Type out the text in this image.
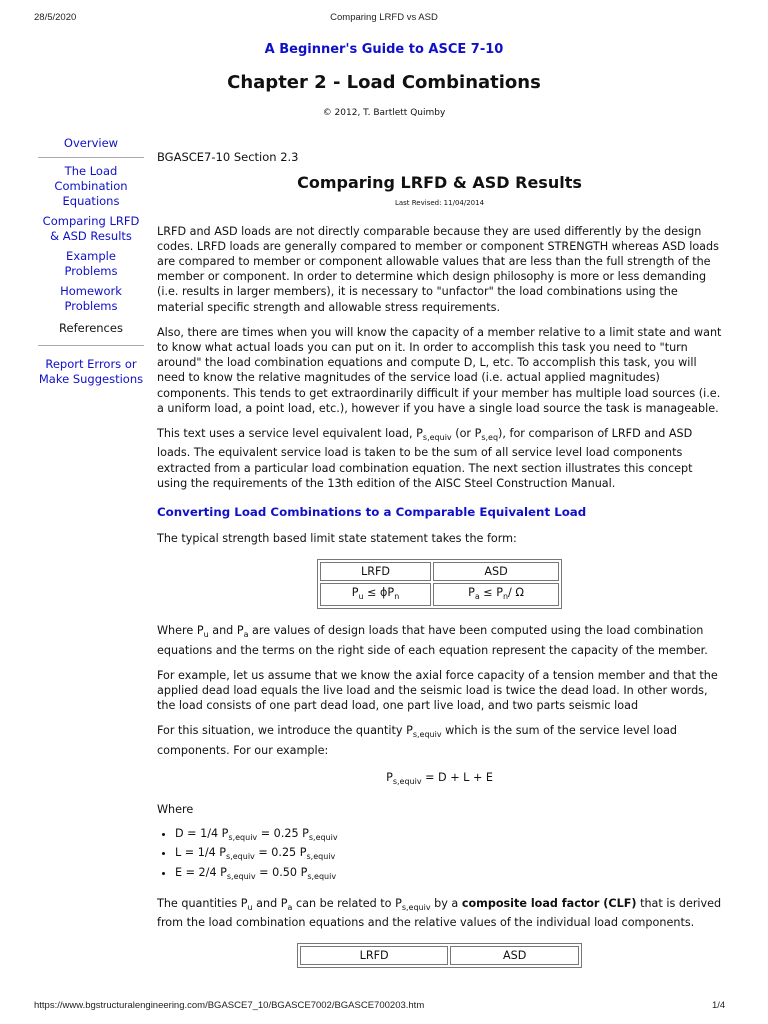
28/5/2020	Comparing LRFD vs ASD
A Beginner's Guide to ASCE 7-10
Chapter 2 - Load Combinations
© 2012, T. Bartlett Quimby
Overview
The Load Combination Equations
Comparing LRFD & ASD Results
Example Problems
Homework Problems
References
Report Errors or Make Suggestions

BGASCE7-10 Section 2.3

Comparing LRFD & ASD Results

Last Revised: 11/04/2014

LRFD and ASD loads are not directly comparable because they are used differently by the design codes. LRFD loads are generally compared to member or component STRENGTH whereas ASD loads are compared to member or component allowable values that are less than the full strength of the member or component. In order to determine which design philosophy is more or less demanding (i.e. results in larger members), it is necessary to "unfactor" the load combinations using the material specific strength and allowable stress requirements.

Also, there are times when you will know the capacity of a member relative to a limit state and want to know what actual loads you can put on it. In order to accomplish this task you need to "turn around" the load combination equations and compute D, L, etc. To accomplish this task, you will need to know the relative magnitudes of the service load (i.e. actual applied magnitudes) components. This tends to get extraordinarily difficult if your member has multiple load sources (i.e. a uniform load, a point load, etc.), however if you have a single load source the task is manageable.

This text uses a service level equivalent load, $P_{s,equiv}$ (or $P_{s,eq}$), for comparison of LRFD and ASD loads. The equivalent service load is taken to be the sum of all service level load components extracted from a particular load combination equation. The next section illustrates this concept using the requirements of the 13th edition of the AISC Steel Construction Manual.

Converting Load Combinations to a Comparable Equivalent Load

The typical strength based limit state statement takes the form:

LRFD	ASD
$P_u \le \phi P_n$	$P_a \le P_n/$ Ω

Where $P_u$ and $P_a$ are values of design loads that have been computed using the load combination equations and the terms on the right side of each equation represent the capacity of the member.

For example, let us assume that we know the axial force capacity of a tension member and that the applied dead load equals the live load and the seismic load is twice the dead load. In other words, the load consists of one part dead load, one part live load, and two parts seismic load

For this situation, we introduce the quantity $P_{s,equiv}$ which is the sum of the service level load components. For our example:

$P_{s,equiv} = D + L + E$

Where

• D = 1/4 $P_{s,equiv} = 0.25$ $P_{s,equiv}$
• L = 1/4 $P_{s,equiv} = 0.25$ $P_{s,equiv}$
• E = 2/4 $P_{s,equiv} = 0.50$ $P_{s,equiv}$

The quantities $P_u$ and $P_a$ can be related to $P_{s,equiv}$ by a composite load factor (CLF) that is derived from the load combination equations and the relative values of the individual load components.

LRFD	ASD
https://www.bgstructuralengineering.com/BGASCE7_10/BGASCE7002/BGASCE700203.htm	1/4
